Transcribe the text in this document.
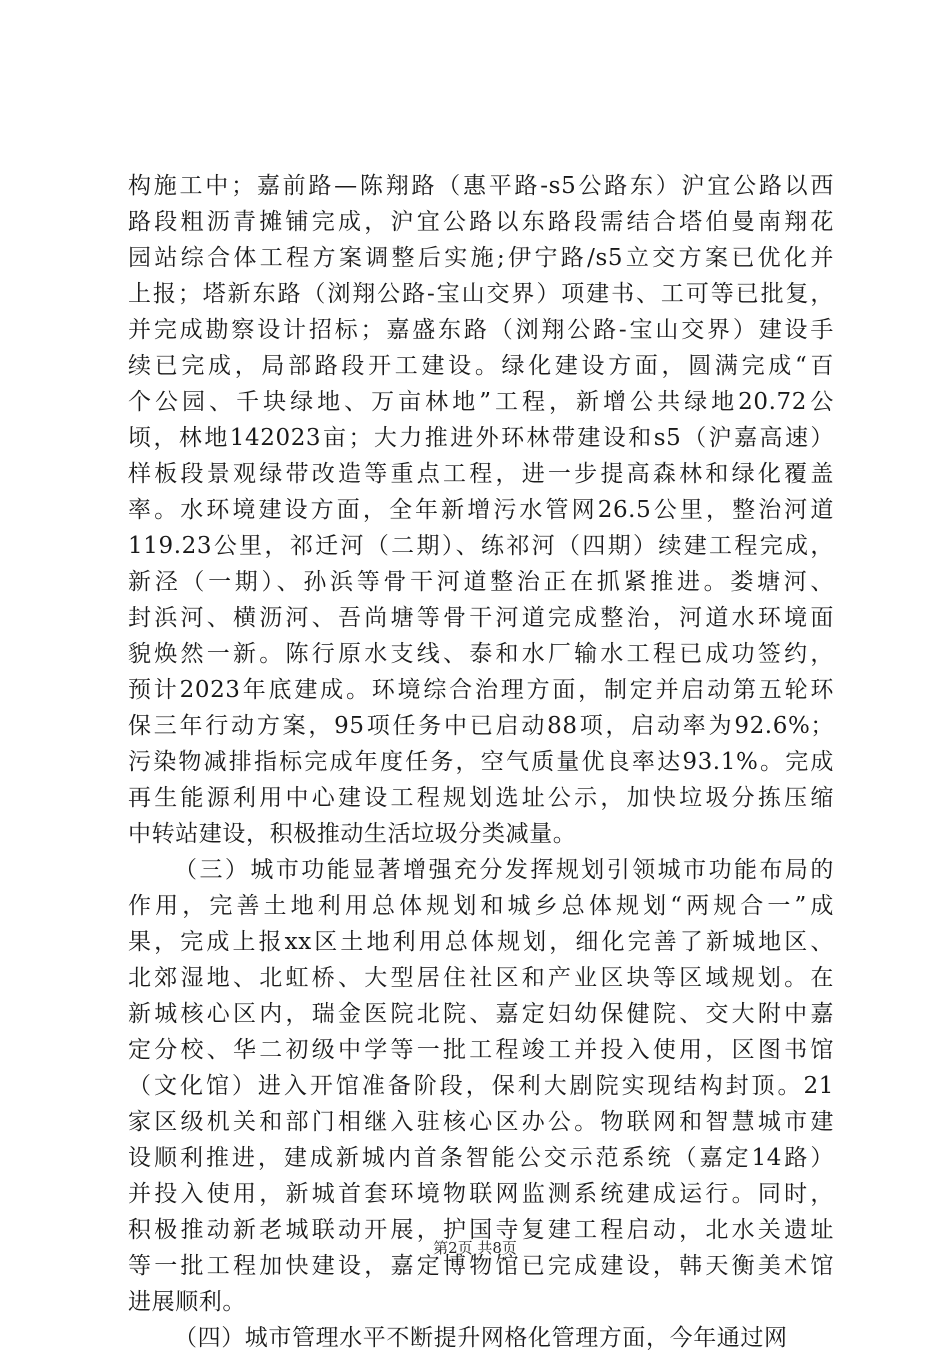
构施工中；嘉前路—陈翔路（惠平路-s5公路东）沪宜公路以西
路段粗沥青摊铺完成，沪宜公路以东路段需结合塔伯曼南翔花
园站综合体工程方案调整后实施;伊宁路/s5立交方案已优化并
上报；塔新东路（浏翔公路-宝山交界）项建书、工可等已批复，
并完成勘察设计招标；嘉盛东路（浏翔公路-宝山交界）建设手
续已完成，局部路段开工建设。绿化建设方面，圆满完成“百
个公园、千块绿地、万亩林地”工程，新增公共绿地20.72公
顷，林地142023亩；大力推进外环林带建设和s5（沪嘉高速）
样板段景观绿带改造等重点工程，进一步提高森林和绿化覆盖
率。水环境建设方面，全年新增污水管网26.5公里，整治河道
119.23公里，祁迁河（二期）、练祁河（四期）续建工程完成，
新泾（一期）、孙浜等骨干河道整治正在抓紧推进。娄塘河、
封浜河、横沥河、吾尚塘等骨干河道完成整治，河道水环境面
貌焕然一新。陈行原水支线、泰和水厂输水工程已成功签约，
预计2023年底建成。环境综合治理方面，制定并启动第五轮环
保三年行动方案，95项任务中已启动88项，启动率为92.6%；
污染物减排指标完成年度任务，空气质量优良率达93.1%。完成
再生能源利用中心建设工程规划选址公示，加快垃圾分拣压缩
中转站建设，积极推动生活垃圾分类减量。
（三）城市功能显著增强充分发挥规划引领城市功能布局的
作用，完善土地利用总体规划和城乡总体规划“两规合一”成
果，完成上报xx区土地利用总体规划，细化完善了新城地区、
北郊湿地、北虹桥、大型居住社区和产业区块等区域规划。在
新城核心区内，瑞金医院北院、嘉定妇幼保健院、交大附中嘉
定分校、华二初级中学等一批工程竣工并投入使用，区图书馆
（文化馆）进入开馆准备阶段，保利大剧院实现结构封顶。21
家区级机关和部门相继入驻核心区办公。物联网和智慧城市建
设顺利推进，建成新城内首条智能公交示范系统（嘉定14路）
并投入使用，新城首套环境物联网监测系统建成运行。同时，
积极推动新老城联动开展，护国寺复建工程启动，北水关遗址
等一批工程加快建设，嘉定博物馆已完成建设，韩天衡美术馆
进展顺利。
（四）城市管理水平不断提升网格化管理方面，今年通过网
第2页 共8页
